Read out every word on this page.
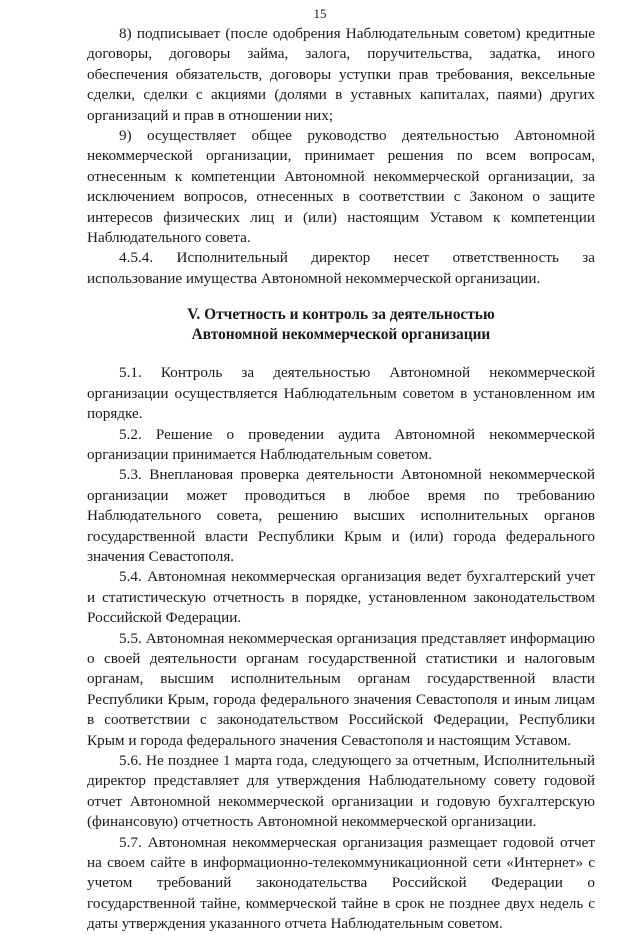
15

8) подписывает (после одобрения Наблюдательным советом) кредитные договоры, договоры займа, залога, поручительства, задатка, иного обеспечения обязательств, договоры уступки прав требования, вексельные сделки, сделки с акциями (долями в уставных капиталах, паями) других организаций и прав в отношении них;

9) осуществляет общее руководство деятельностью Автономной некоммерческой организации, принимает решения по всем вопросам, отнесенным к компетенции Автономной некоммерческой организации, за исключением вопросов, отнесенных в соответствии с Законом о защите интересов физических лиц и (или) настоящим Уставом к компетенции Наблюдательного совета.

4.5.4. Исполнительный директор несет ответственность за использование имущества Автономной некоммерческой организации.

V. Отчетность и контроль за деятельностью

Автономной некоммерческой организации

5.1. Контроль за деятельностью Автономной некоммерческой организации осуществляется Наблюдательным советом в установленном им порядке.

5.2. Решение о проведении аудита Автономной некоммерческой организации принимается Наблюдательным советом.

5.3. Внеплановая проверка деятельности Автономной некоммерческой организации может проводиться в любое время по требованию Наблюдательного совета, решению высших исполнительных органов государственной власти Республики Крым и (или) города федерального значения Севастополя.

5.4. Автономная некоммерческая организация ведет бухгалтерский учет и статистическую отчетность в порядке, установленном законодательством Российской Федерации.

5.5. Автономная некоммерческая организация представляет информацию о своей деятельности органам государственной статистики и налоговым органам, высшим исполнительным органам государственной власти Республики Крым, города федерального значения Севастополя и иным лицам в соответствии с законодательством Российской Федерации, Республики Крым и города федерального значения Севастополя и настоящим Уставом.

5.6. Не позднее 1 марта года, следующего за отчетным, Исполнительный директор представляет для утверждения Наблюдательному совету годовой отчет Автономной некоммерческой организации и годовую бухгалтерскую (финансовую) отчетность Автономной некоммерческой организации.

5.7. Автономная некоммерческая организация размещает годовой отчет на своем сайте в информационно-телекоммуникационной сети «Интернет» с учетом требований законодательства Российской Федерации о государственной тайне, коммерческой тайне в срок не позднее двух недель с даты утверждения указанного отчета Наблюдательным советом.
